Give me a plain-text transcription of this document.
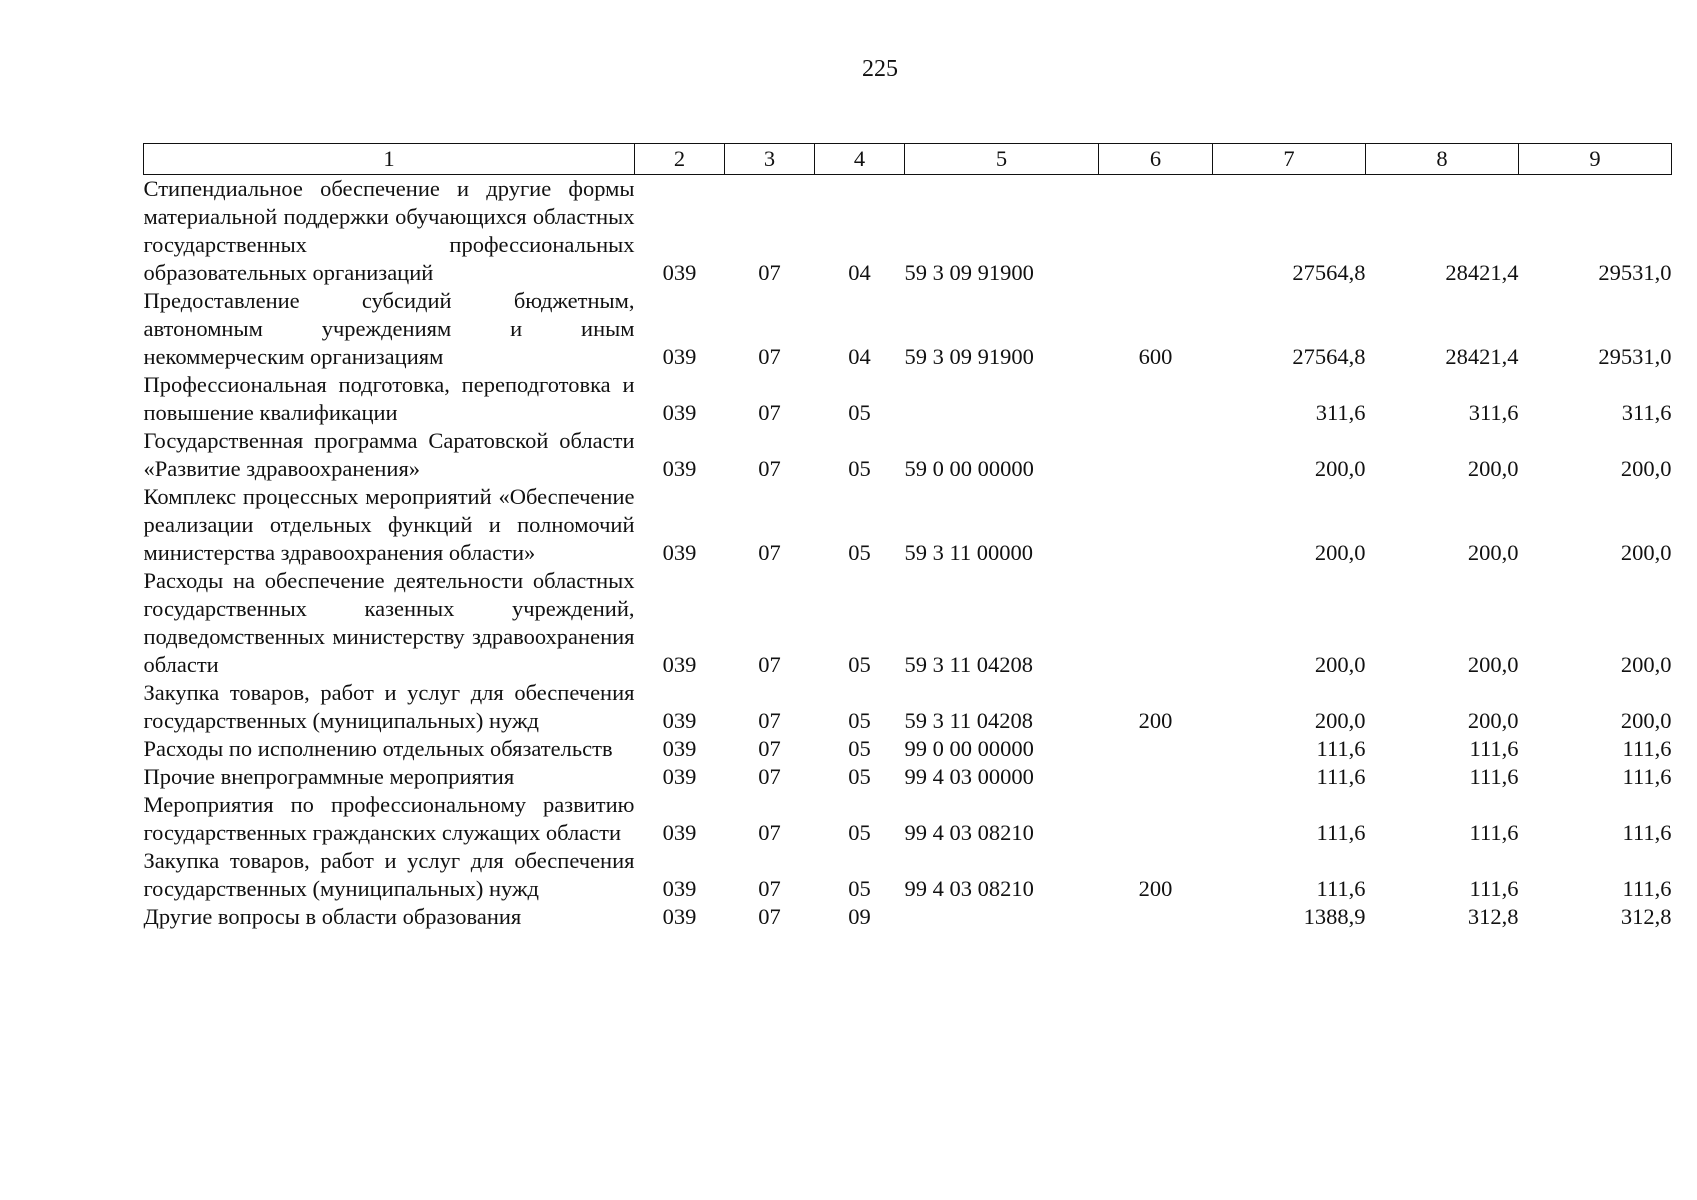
225
1	2	3	4	5	6	7	8	9
Стипендиальное обеспечение и другие формы материальной поддержки обучающихся областных государственных профессиональных образовательных организаций	039	07	04	59 3 09 91900		27564,8	28421,4	29531,0
Предоставление субсидий бюджетным, автономным учреждениям и иным некоммерческим организациям	039	07	04	59 3 09 91900	600	27564,8	28421,4	29531,0
Профессиональная подготовка, переподготовка и повышение квалификации	039	07	05			311,6	311,6	311,6
Государственная программа Саратовской области «Развитие здравоохранения»	039	07	05	59 0 00 00000		200,0	200,0	200,0
Комплекс процессных мероприятий «Обеспечение реализации отдельных функций и полномочий министерства здравоохранения области»	039	07	05	59 3 11 00000		200,0	200,0	200,0
Расходы на обеспечение деятельности областных государственных казенных учреждений, подведомственных министерству здравоохранения области	039	07	05	59 3 11 04208		200,0	200,0	200,0
Закупка товаров, работ и услуг для обеспечения государственных (муниципальных) нужд	039	07	05	59 3 11 04208	200	200,0	200,0	200,0
Расходы по исполнению отдельных обязательств	039	07	05	99 0 00 00000		111,6	111,6	111,6
Прочие внепрограммные мероприятия	039	07	05	99 4 03 00000		111,6	111,6	111,6
Мероприятия по профессиональному развитию государственных гражданских служащих области	039	07	05	99 4 03 08210		111,6	111,6	111,6
Закупка товаров, работ и услуг для обеспечения государственных (муниципальных) нужд	039	07	05	99 4 03 08210	200	111,6	111,6	111,6
Другие вопросы в области образования	039	07	09			1388,9	312,8	312,8
